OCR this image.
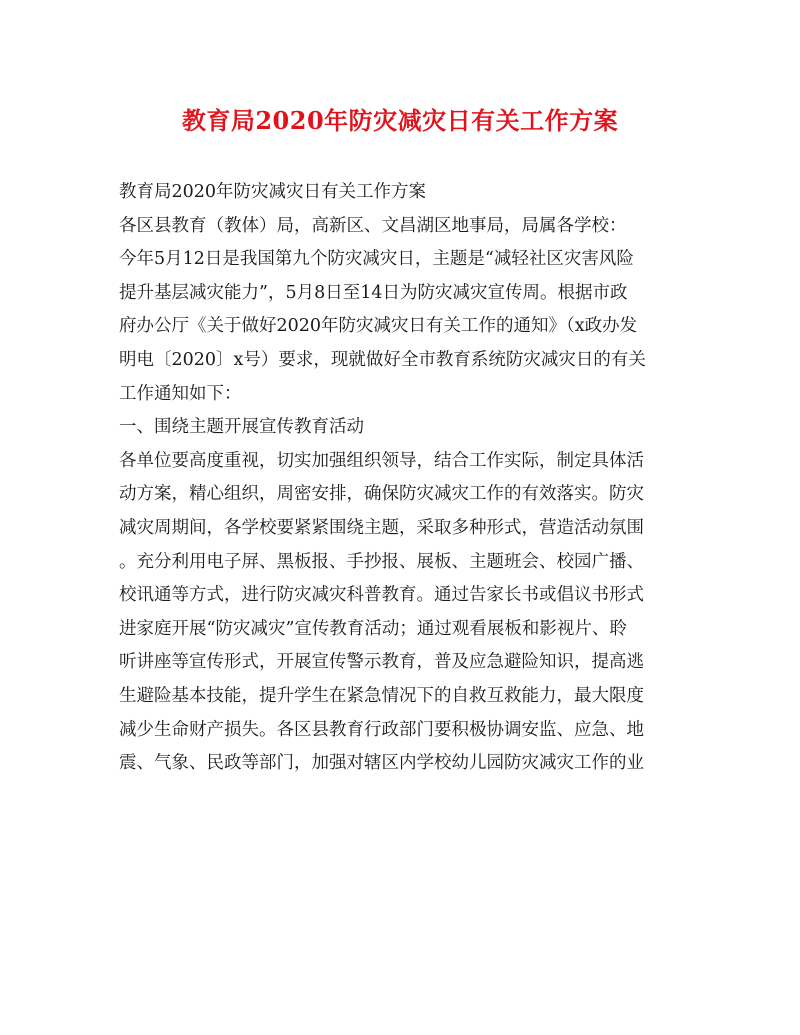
教育局2020年防灾减灾日有关工作方案
教育局2020年防灾减灾日有关工作方案
各区县教育（教体）局，高新区、文昌湖区地事局，局属各学校：
今年5月12日是我国第九个防灾减灾日，主题是“减轻社区灾害风险
提升基层减灾能力”，5月8日至14日为防灾减灾宣传周。根据市政
府办公厅《关于做好2020年防灾减灾日有关工作的通知》（x政办发
明电〔2020〕x号）要求，现就做好全市教育系统防灾减灾日的有关
工作通知如下：
一、围绕主题开展宣传教育活动
各单位要高度重视，切实加强组织领导，结合工作实际，制定具体活
动方案，精心组织，周密安排，确保防灾减灾工作的有效落实。防灾
减灾周期间，各学校要紧紧围绕主题，采取多种形式，营造活动氛围
。充分利用电子屏、黑板报、手抄报、展板、主题班会、校园广播、
校讯通等方式，进行防灾减灾科普教育。通过告家长书或倡议书形式
进家庭开展“防灾减灾”宣传教育活动；通过观看展板和影视片、聆
听讲座等宣传形式，开展宣传警示教育，普及应急避险知识，提高逃
生避险基本技能，提升学生在紧急情况下的自救互救能力，最大限度
减少生命财产损失。各区县教育行政部门要积极协调安监、应急、地
震、气象、民政等部门，加强对辖区内学校幼儿园防灾减灾工作的业
